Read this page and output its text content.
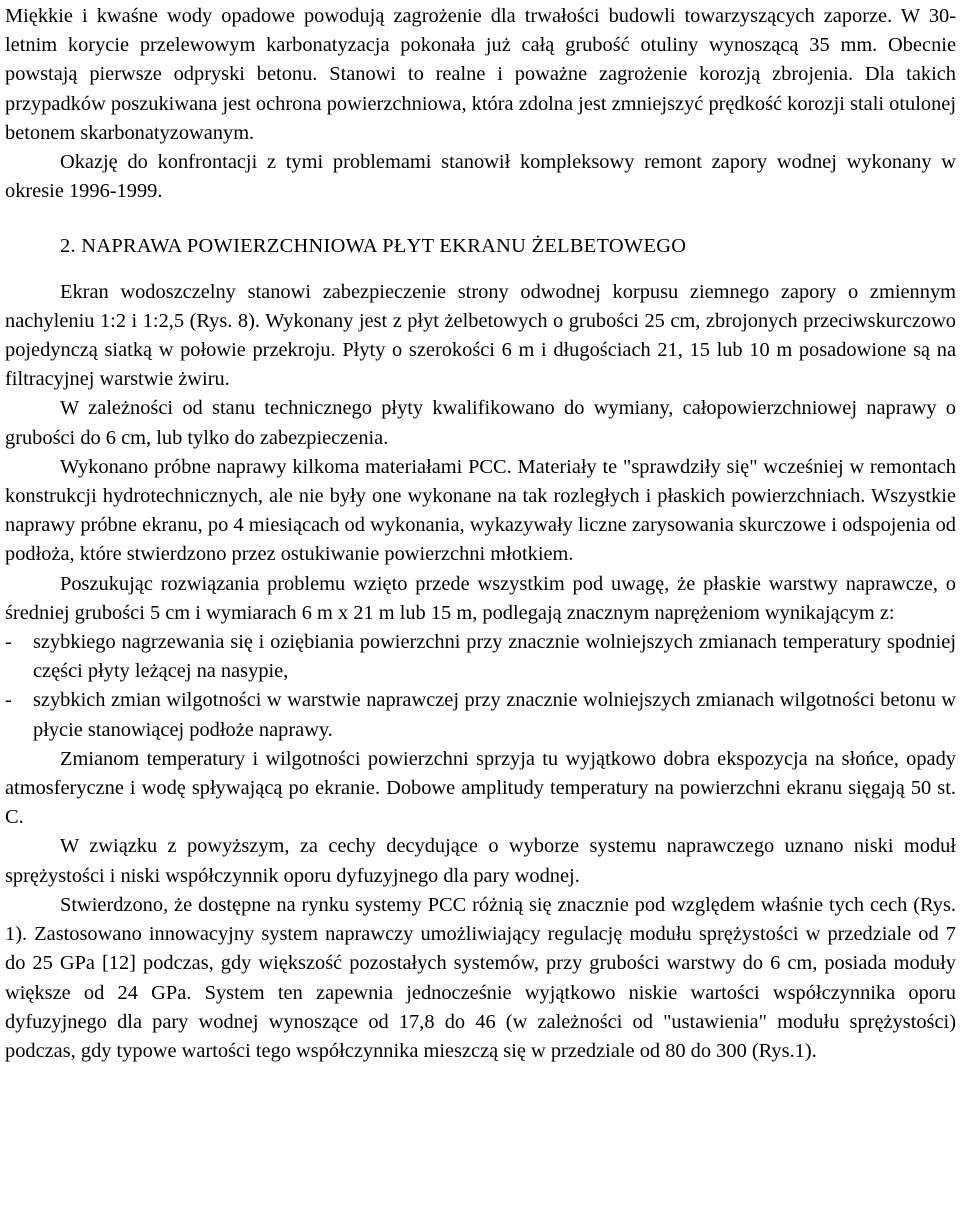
Miękkie i kwaśne wody opadowe powodują zagrożenie dla trwałości budowli towarzyszących zaporze. W 30-letnim korycie przelewowym karbonatyzacja pokonała już całą grubość otuliny wynoszącą 35 mm. Obecnie powstają pierwsze odpryski betonu. Stanowi to realne i poważne zagrożenie korozją zbrojenia. Dla takich przypadków poszukiwana jest ochrona powierzchniowa, która zdolna jest zmniejszyć prędkość korozji stali otulonej betonem skarbonatyzowanym.

Okazję do konfrontacji z tymi problemami stanowił kompleksowy remont zapory wodnej wykonany w okresie 1996-1999.

2. NAPRAWA POWIERZCHNIOWA PŁYT EKRANU ŻELBETOWEGO

Ekran wodoszczelny stanowi zabezpieczenie strony odwodnej korpusu ziemnego zapory o zmiennym nachyleniu 1:2 i 1:2,5 (Rys. 8). Wykonany jest z płyt żelbetowych o grubości 25 cm, zbrojonych przeciwskurczowo pojedynczą siatką w połowie przekroju. Płyty o szerokości 6 m i długościach 21, 15 lub 10 m posadowione są na filtracyjnej warstwie żwiru.

W zależności od stanu technicznego płyty kwalifikowano do wymiany, całopowierzchniowej naprawy o grubości do 6 cm, lub tylko do zabezpieczenia.

Wykonano próbne naprawy kilkoma materiałami PCC. Materiały te "sprawdziły się" wcześniej w remontach konstrukcji hydrotechnicznych, ale nie były one wykonane na tak rozległych i płaskich powierzchniach. Wszystkie naprawy próbne ekranu, po 4 miesiącach od wykonania, wykazywały liczne zarysowania skurczowe i odspojenia od podłoża, które stwierdzono przez ostukiwanie powierzchni młotkiem.

Poszukując rozwiązania problemu wzięto przede wszystkim pod uwagę, że płaskie warstwy naprawcze, o średniej grubości 5 cm i wymiarach 6 m x 21 m lub 15 m, podlegają znacznym naprężeniom wynikającym z:

- szybkiego nagrzewania się i oziębiania powierzchni przy znacznie wolniejszych zmianach temperatury spodniej części płyty leżącej na nasypie,

- szybkich zmian wilgotności w warstwie naprawczej przy znacznie wolniejszych zmianach wilgotności betonu w płycie stanowiącej podłoże naprawy.

Zmianom temperatury i wilgotności powierzchni sprzyja tu wyjątkowo dobra ekspozycja na słońce, opady atmosferyczne i wodę spływającą po ekranie. Dobowe amplitudy temperatury na powierzchni ekranu sięgają 50 st. C.

W związku z powyższym, za cechy decydujące o wyborze systemu naprawczego uznano niski moduł sprężystości i niski współczynnik oporu dyfuzyjnego dla pary wodnej.

Stwierdzono, że dostępne na rynku systemy PCC różnią się znacznie pod względem właśnie tych cech (Rys. 1). Zastosowano innowacyjny system naprawczy umożliwiający regulację modułu sprężystości w przedziale od 7 do 25 GPa [12] podczas, gdy większość pozostałych systemów, przy grubości warstwy do 6 cm, posiada moduły większe od 24 GPa. System ten zapewnia jednocześnie wyjątkowo niskie wartości współczynnika oporu dyfuzyjnego dla pary wodnej wynoszące od 17,8 do 46 (w zależności od "ustawienia" modułu sprężystości) podczas, gdy typowe wartości tego współczynnika mieszczą się w przedziale od 80 do 300 (Rys.1).
